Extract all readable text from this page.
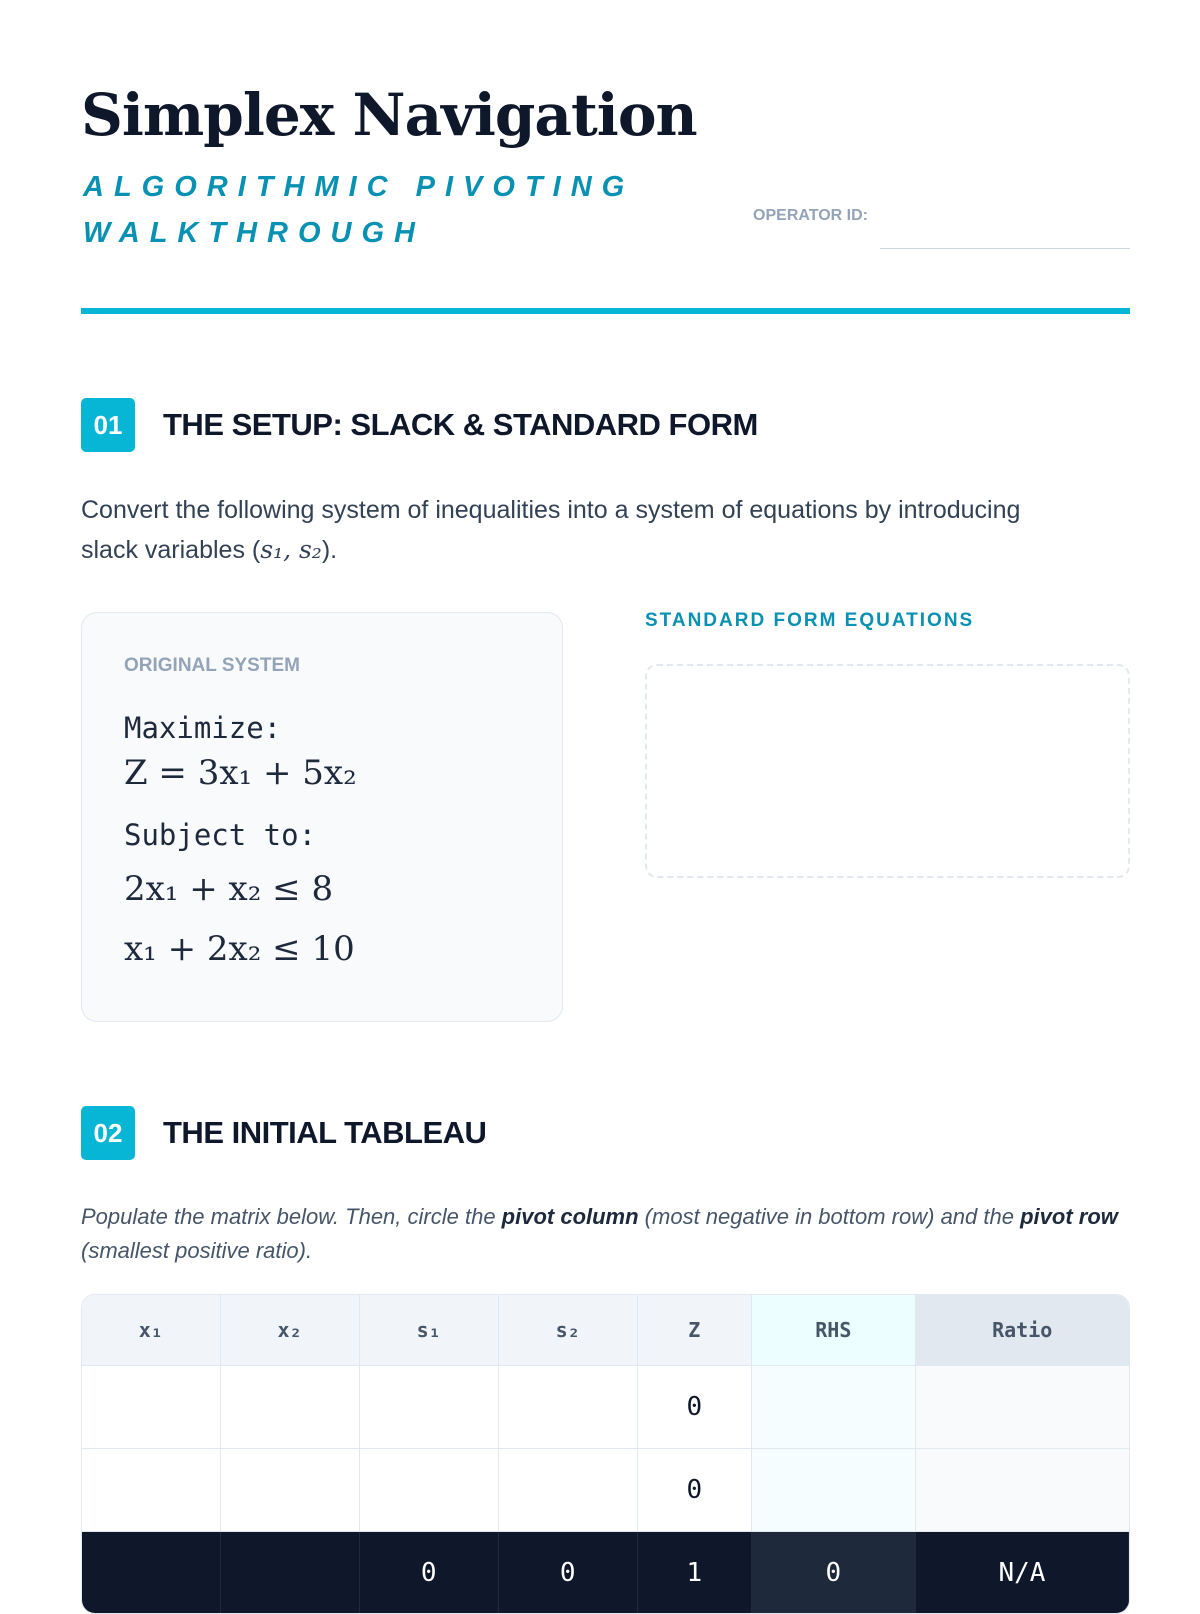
Simplex Navigation
ALGORITHMIC PIVOTING WALKTHROUGH
OPERATOR ID:
01	THE SETUP: SLACK & STANDARD FORM
Convert the following system of inequalities into a system of equations by introducing slack variables (s₁, s₂).
ORIGINAL SYSTEM
Maximize:
Z = 3x₁ + 5x₂
Subject to:
2x₁ + x₂ ≤ 8
x₁ + 2x₂ ≤ 10
STANDARD FORM EQUATIONS
02	THE INITIAL TABLEAU
Populate the matrix below. Then, circle the pivot column (most negative in bottom row) and the pivot row (smallest positive ratio).
x₁	x₂	s₁	s₂	Z	RHS	Ratio
				0		
				0		
		0	0	1	0	N/A
